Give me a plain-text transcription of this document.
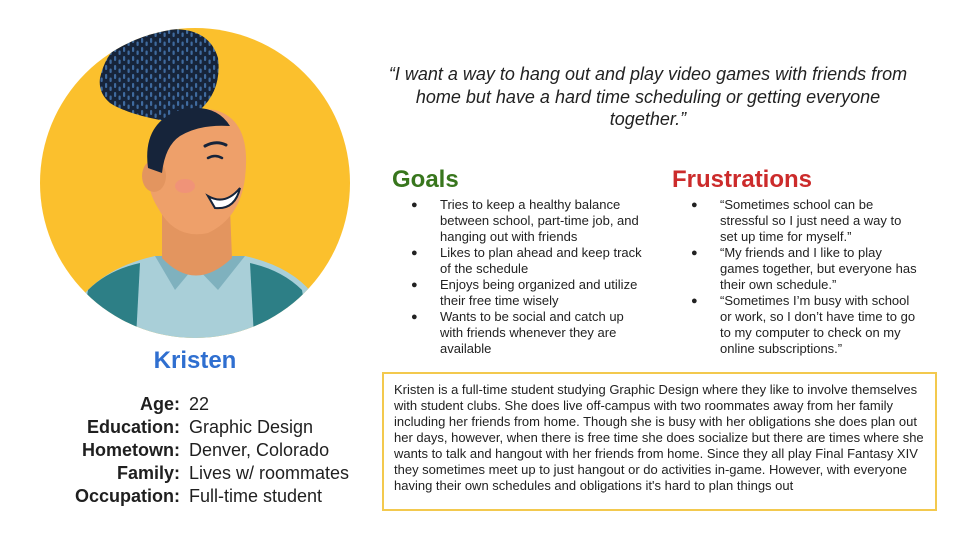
Kristen
Age:
Education:
Hometown:
Family:
Occupation:
22
Graphic Design
Denver, Colorado
Lives w/ roommates
Full-time student
“I want a way to hang out and play video games with friends from home but have a hard time scheduling or getting everyone together.”
Goals
● Tries to keep a healthy balance between school, part-time job, and hanging out with friends
● Likes to plan ahead and keep track of the schedule
● Enjoys being organized and utilize their free time wisely
● Wants to be social and catch up with friends whenever they are available
Frustrations
● “Sometimes school can be stressful so I just need a way to set up time for myself.”
● “My friends and I like to play games together, but everyone has their own schedule.”
● “Sometimes I’m busy with school or work, so I don’t have time to go to my computer to check on my online subscriptions.”
Kristen is a full-time student studying Graphic Design where they like to involve themselves with student clubs. She does live off-campus with two roommates away from her family including her friends from home. Though she is busy with her obligations she does plan out her days, however, when there is free time she does socialize but there are times where she wants to talk and hangout with her friends from home. Since they all play Final Fantasy XIV they sometimes meet up to just hangout or do activities in-game. However, with everyone having their own schedules and obligations it's hard to plan things out
